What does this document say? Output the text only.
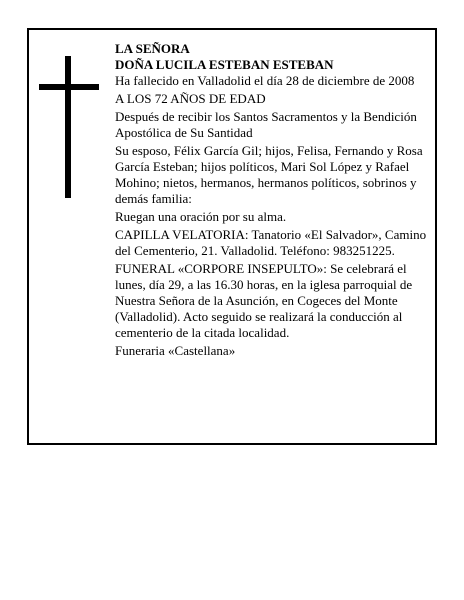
LA SEÑORA

DOÑA LUCILA ESTEBAN ESTEBAN

Ha fallecido en Valladolid el día 28 de diciembre de 2008

A LOS 72 AÑOS DE EDAD

Después de recibir los Santos Sacramentos y la Bendición Apostólica de Su Santidad

Su esposo, Félix García Gil; hijos, Felisa, Fernando y Rosa García Esteban; hijos políticos, Mari Sol López y Rafael Mohino; nietos, hermanos, hermanos políticos, sobrinos y demás familia:

Ruegan una oración por su alma.

CAPILLA VELATORIA: Tanatorio «El Salvador», Camino del Cementerio, 21. Valladolid. Teléfono: 983251225.

FUNERAL «CORPORE INSEPULTO»: Se celebrará el lunes, día 29, a las 16.30 horas, en la iglesa parroquial de Nuestra Señora de la Asunción, en Cogeces del Monte (Valladolid). Acto seguido se realizará la conducción al cementerio de la citada localidad.

Funeraria «Castellana»
